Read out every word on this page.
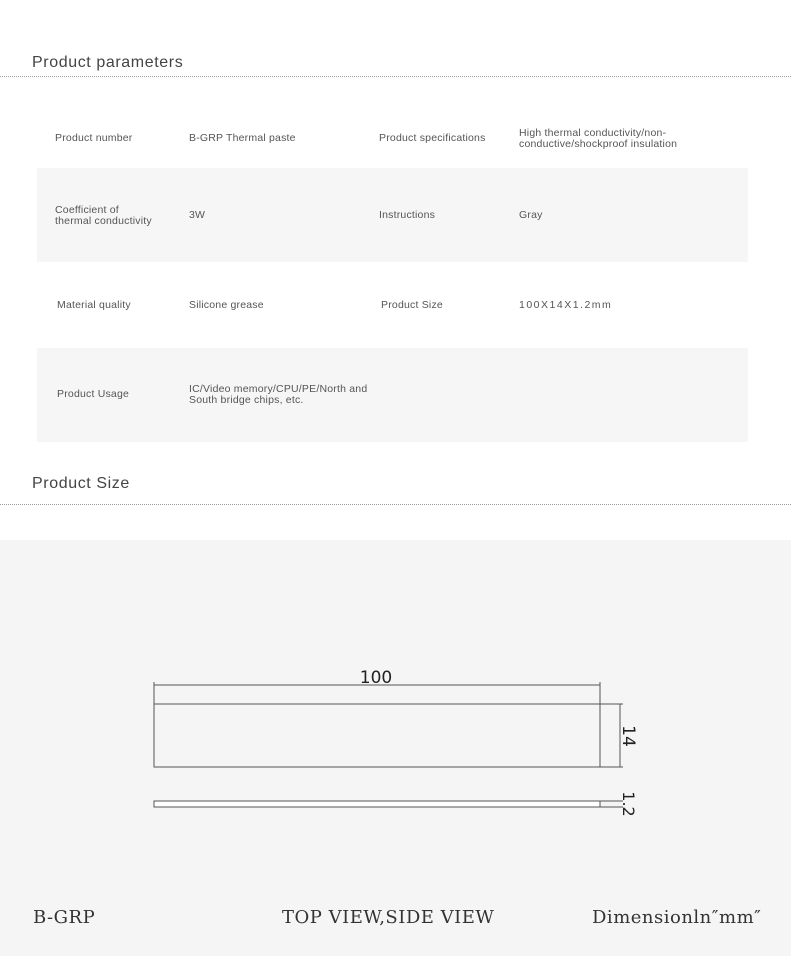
Product parameters
Product number	B-GRP Thermal paste	Product specifications	High thermal conductivity/non-
conductive/shockproof insulation
Coefficient of
thermal conductivity	3W	Instructions	Gray
Material quality	Silicone grease	Product Size	100X14X1.2mm
Product Usage	IC/Video memory/CPU/PE/North and
South bridge chips, etc.
Product Size
100
14
1.2
B-GRP	TOP VIEW,SIDE VIEW	Dimensionln″mm″
